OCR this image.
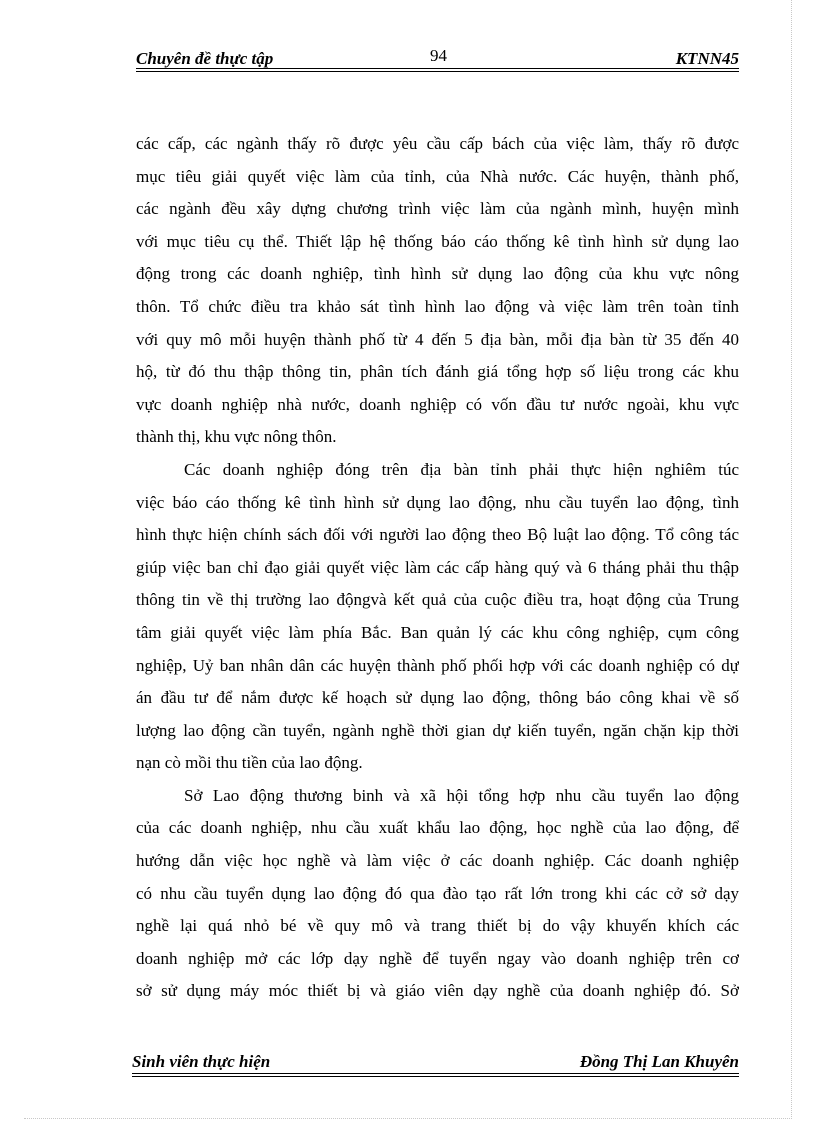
Chuyên đề thực tập	94	KTNN45
các cấp, các ngành thấy rõ được yêu cầu cấp bách của việc làm, thấy rõ được
mục tiêu giải quyết việc làm của tỉnh, của Nhà nước. Các huyện, thành phố,
các ngành đều xây dựng chương trình việc làm của ngành mình, huyện mình
với mục tiêu cụ thể. Thiết lập hệ thống báo cáo thống kê tình hình sử dụng lao
động trong các doanh nghiệp, tình hình sử dụng lao động của khu vực nông
thôn. Tổ chức điều tra khảo sát tình hình lao động và việc làm trên toàn tỉnh
với quy mô mỗi huyện thành phố từ 4 đến 5 địa bàn, mỗi địa bàn từ 35 đến 40
hộ, từ đó thu thập thông tin, phân tích đánh giá tổng hợp số liệu trong các khu
vực doanh nghiệp nhà nước, doanh nghiệp có vốn đầu tư nước ngoài, khu vực
thành thị, khu vực nông thôn.
Các doanh nghiệp đóng trên địa bàn tỉnh phải thực hiện nghiêm túc
việc báo cáo thống kê tình hình sử dụng lao động, nhu cầu tuyển lao động, tình
hình thực hiện chính sách đối với người lao động theo Bộ luật lao động. Tổ công tác
giúp việc ban chỉ đạo giải quyết việc làm các cấp hàng quý và 6 tháng phải thu thập
thông tin về thị trường lao độngvà kết quả của cuộc điều tra, hoạt động của Trung
tâm giải quyết việc làm phía Bắc. Ban quản lý các khu công nghiệp, cụm công
nghiệp, Uỷ ban nhân dân các huyện thành phố phối hợp với các doanh nghiệp có dự
án đầu tư để nắm được kế hoạch sử dụng lao động, thông báo công khai về số
lượng lao động cần tuyển, ngành nghề thời gian dự kiến tuyển, ngăn chặn kịp thời
nạn cò mồi thu tiền của lao động.
Sở Lao động thương binh và xã hội tổng hợp nhu cầu tuyển lao động
của các doanh nghiệp, nhu cầu xuất khẩu lao động, học nghề của lao động, để
hướng dẫn việc học nghề và làm việc ở các doanh nghiệp. Các doanh nghiệp
có nhu cầu tuyển dụng lao động đó qua đào tạo rất lớn trong khi các cở sở dạy
nghề lại quá nhỏ bé về quy mô và trang thiết bị do vậy khuyến khích các
doanh nghiệp mở các lớp dạy nghề để tuyển ngay vào doanh nghiệp trên cơ
sở sử dụng máy móc thiết bị và giáo viên dạy nghề của doanh nghiệp đó. Sở
Sinh viên thực hiện	Đồng Thị Lan Khuyên
